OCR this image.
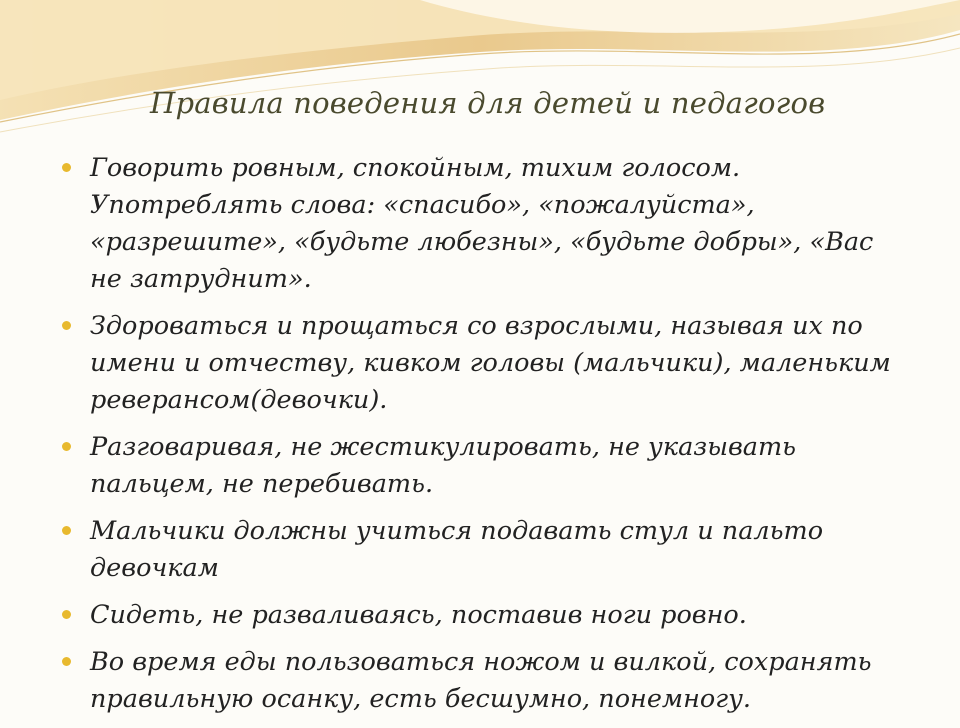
Правила поведения для детей и педагогов
Говорить ровным, спокойным, тихим голосом. Употреблять слова: «спасибо», «пожалуйста», «разрешите», «будьте любезны», «будьте добры», «Вас не затруднит».
Здороваться и прощаться со взрослыми, называя их по имени и отчеству, кивком головы (мальчики), маленьким реверансом(девочки).
Разговаривая, не жестикулировать, не указывать пальцем, не перебивать.
Мальчики должны учиться подавать стул и пальто девочкам
Сидеть, не разваливаясь, поставив ноги ровно.
Во время еды пользоваться ножом и вилкой, сохранять правильную осанку, есть бесшумно, понемногу.
